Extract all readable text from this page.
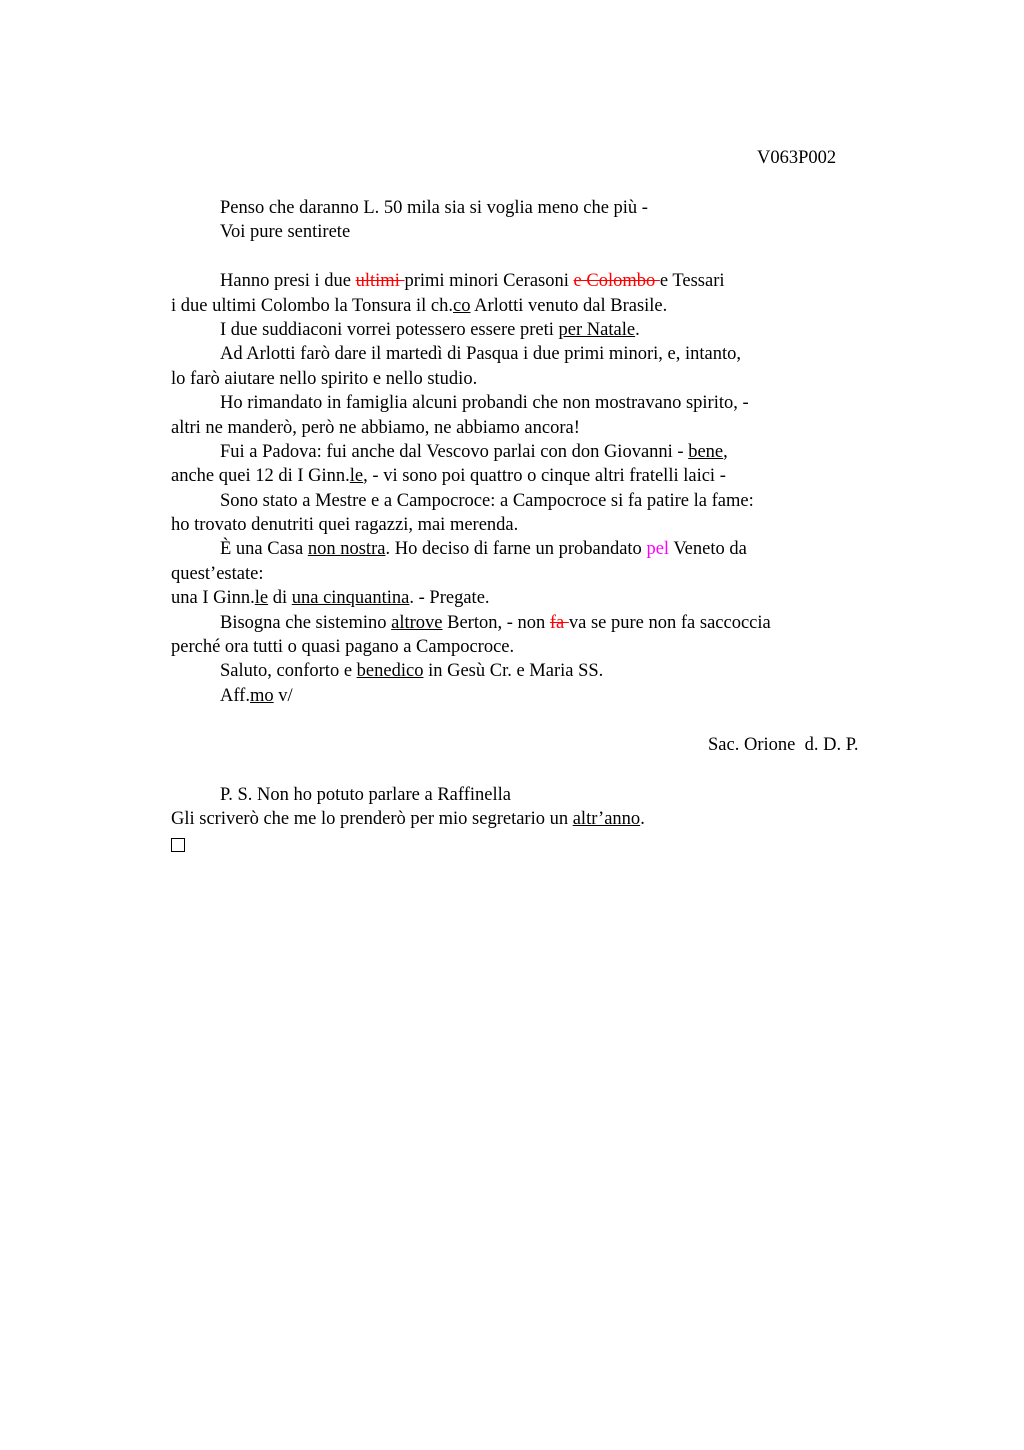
V063P002
Penso che daranno L. 50 mila sia si voglia meno che più -
Voi pure sentirete
Hanno presi i due ultimi primi minori Cerasoni e Colombo e Tessari
i due ultimi Colombo la Tonsura il ch.co Arlotti venuto dal Brasile.
I due suddiaconi vorrei potessero essere preti per Natale.
Ad Arlotti farò dare il martedì di Pasqua i due primi minori, e, intanto,
lo farò aiutare nello spirito e nello studio.
Ho rimandato in famiglia alcuni probandi che non mostravano spirito, -
altri ne manderò, però ne abbiamo, ne abbiamo ancora!
Fui a Padova: fui anche dal Vescovo parlai con don Giovanni - bene,
anche quei 12 di I Ginn.le, - vi sono poi quattro o cinque altri fratelli laici -
Sono stato a Mestre e a Campocroce: a Campocroce si fa patire la fame:
ho trovato denutriti quei ragazzi, mai merenda.
È una Casa non nostra. Ho deciso di farne un probandato pel Veneto da
quest’estate:
una I Ginn.le di una cinquantina. - Pregate.
Bisogna che sistemino altrove Berton, - non fa va se pure non fa saccoccia
perché ora tutti o quasi pagano a Campocroce.
Saluto, conforto e benedico in Gesù Cr. e Maria SS.
Aff.mo v/
Sac. Orione  d. D. P.
P. S. Non ho potuto parlare a Raffinella
Gli scriverò che me lo prenderò per mio segretario un altr’anno.
